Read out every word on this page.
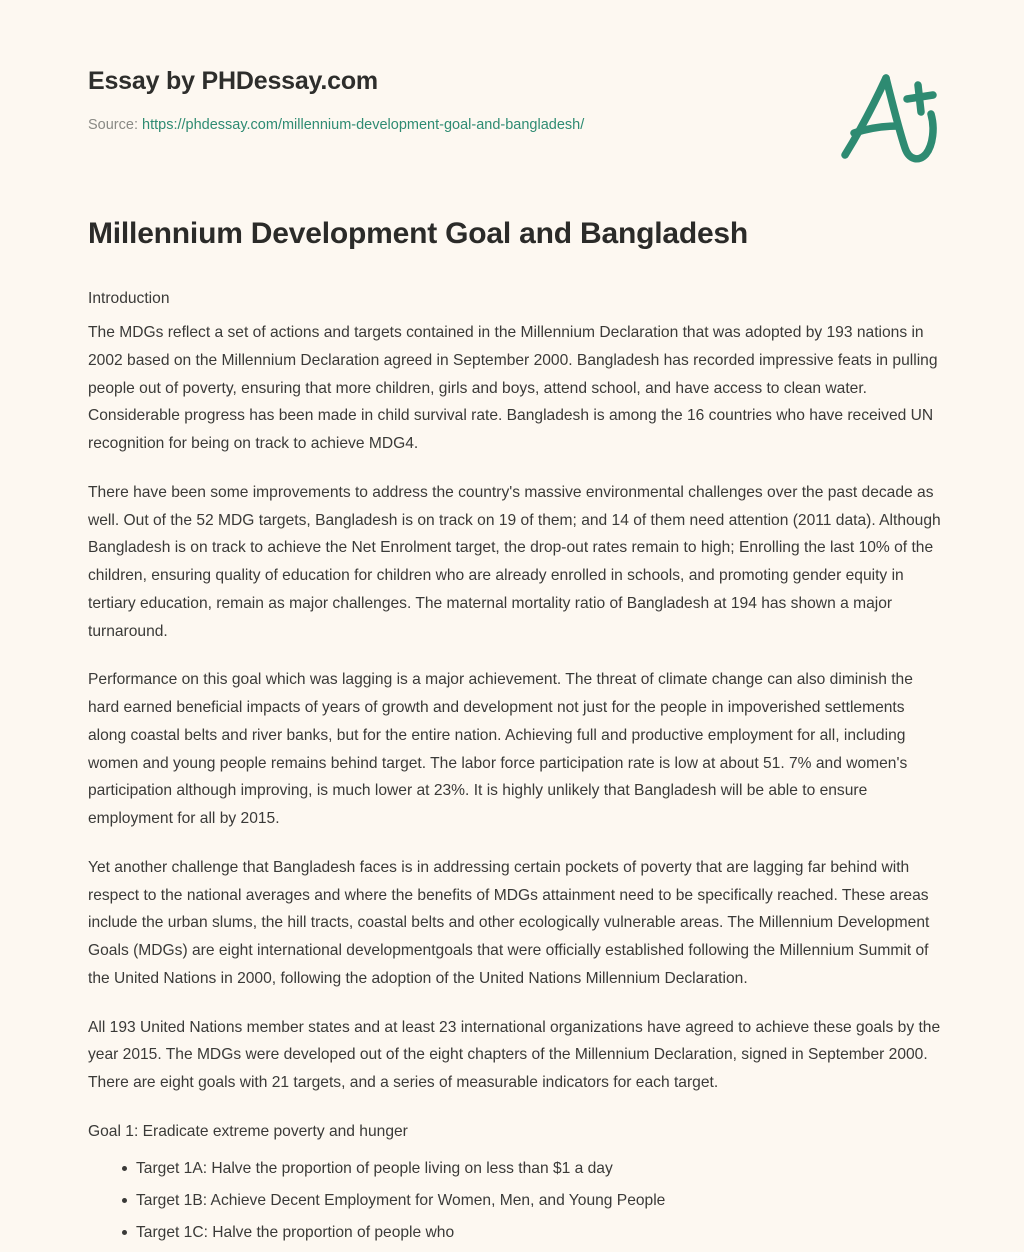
Essay by PHDessay.com
Source: https://phdessay.com/millennium-development-goal-and-bangladesh/
Millennium Development Goal and Bangladesh

Introduction

The MDGs reflect a set of actions and targets contained in the Millennium Declaration that was adopted by 193 nations in 2002 based on the Millennium Declaration agreed in September 2000. Bangladesh has recorded impressive feats in pulling people out of poverty, ensuring that more children, girls and boys, attend school, and have access to clean water. Considerable progress has been made in child survival rate. Bangladesh is among the 16 countries who have received UN recognition for being on track to achieve MDG4.

There have been some improvements to address the country's massive environmental challenges over the past decade as well. Out of the 52 MDG targets, Bangladesh is on track on 19 of them; and 14 of them need attention (2011 data). Although Bangladesh is on track to achieve the Net Enrolment target, the drop-out rates remain to high; Enrolling the last 10% of the children, ensuring quality of education for children who are already enrolled in schools, and promoting gender equity in tertiary education, remain as major challenges. The maternal mortality ratio of Bangladesh at 194 has shown a major turnaround.

Performance on this goal which was lagging is a major achievement. The threat of climate change can also diminish the hard earned beneficial impacts of years of growth and development not just for the people in impoverished settlements along coastal belts and river banks, but for the entire nation. Achieving full and productive employment for all, including women and young people remains behind target. The labor force participation rate is low at about 51. 7% and women's participation although improving, is much lower at 23%. It is highly unlikely that Bangladesh will be able to ensure employment for all by 2015.

Yet another challenge that Bangladesh faces is in addressing certain pockets of poverty that are lagging far behind with respect to the national averages and where the benefits of MDGs attainment need to be specifically reached. These areas include the urban slums, the hill tracts, coastal belts and other ecologically vulnerable areas. The Millennium Development Goals (MDGs) are eight international developmentgoals that were officially established following the Millennium Summit of the United Nations in 2000, following the adoption of the United Nations Millennium Declaration.

All 193 United Nations member states and at least 23 international organizations have agreed to achieve these goals by the year 2015. The MDGs were developed out of the eight chapters of the Millennium Declaration, signed in September 2000. There are eight goals with 21 targets, and a series of measurable indicators for each target.

Goal 1: Eradicate extreme poverty and hunger

Target 1A: Halve the proportion of people living on less than $1 a day
Target 1B: Achieve Decent Employment for Women, Men, and Young People
Target 1C: Halve the proportion of people who
